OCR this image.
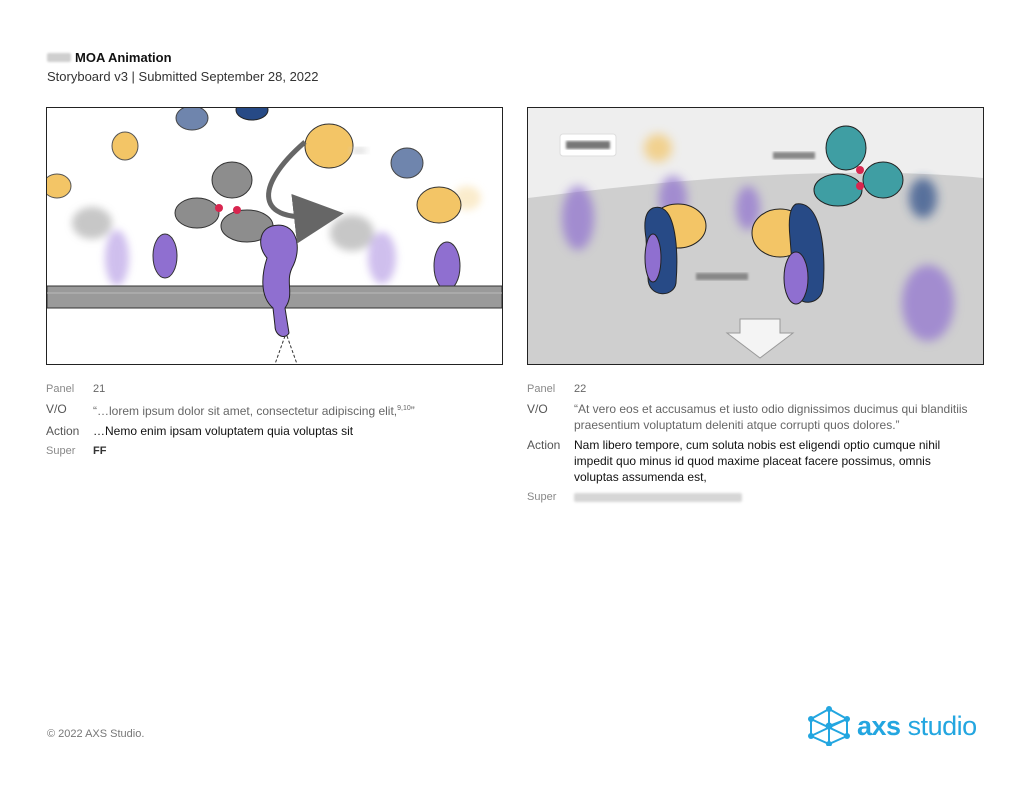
MOA Animation
Storyboard v3 | Submitted September 28, 2022
Panel	21
V/O	“…lorem ipsum dolor sit amet, consectetur adipiscing elit,$^{9,10}$”
Action	…Nemo enim ipsam voluptatem quia voluptas sit
Super	FF
Panel	22
V/O	“At vero eos et accusamus et iusto odio dignissimos ducimus qui blanditiis praesentium voluptatum deleniti atque corrupti quos dolores.”
Action	Nam libero tempore, cum soluta nobis est eligendi optio cumque nihil impedit quo minus id quod maxime placeat facere possimus, omnis voluptas assumenda est,
Super
© 2022 AXS Studio.	axs studio
